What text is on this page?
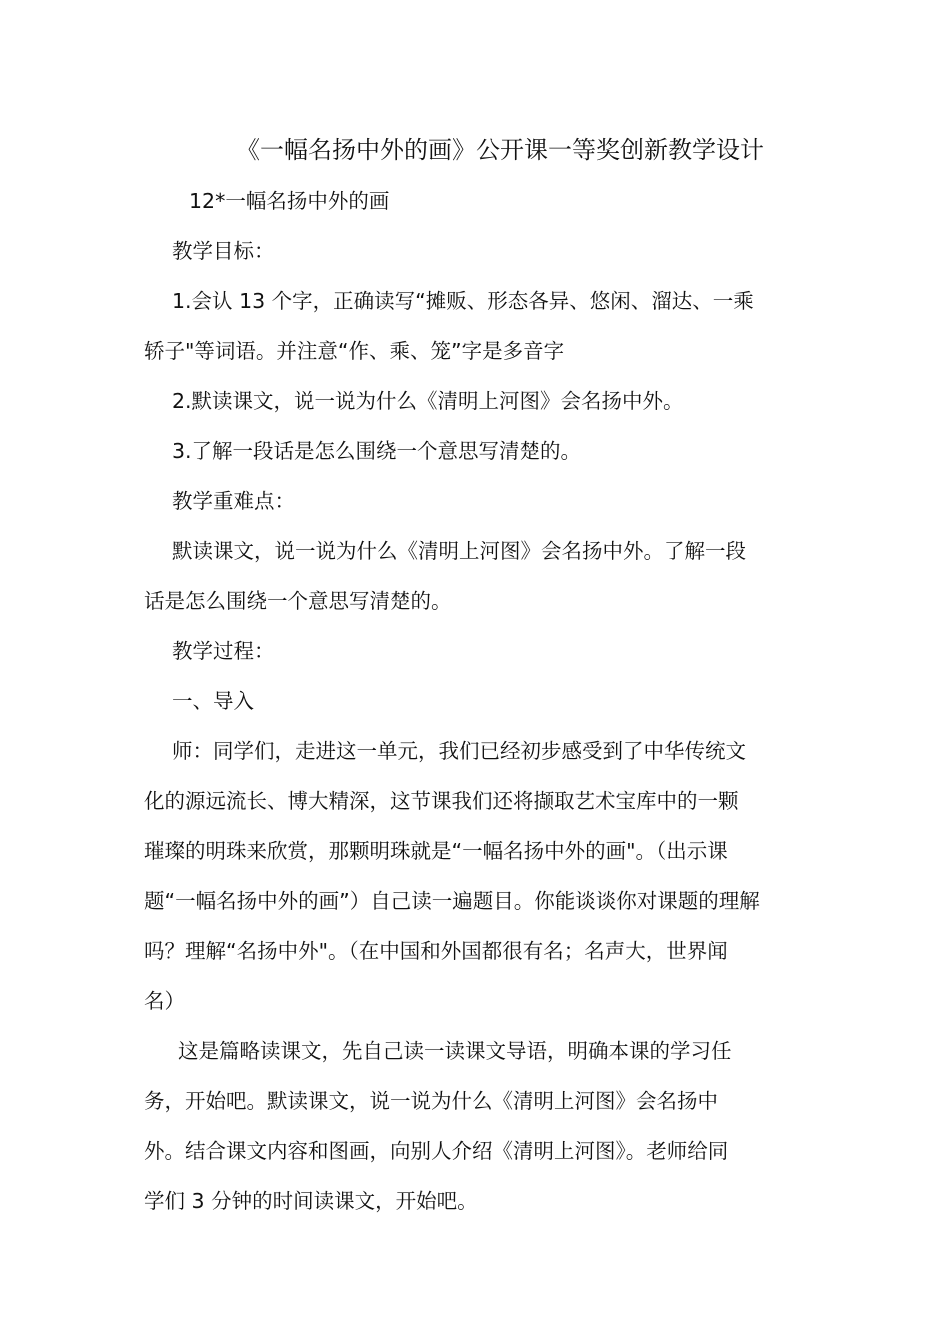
《一幅名扬中外的画》公开课一等奖创新教学设计
12*一幅名扬中外的画
教学目标：
1.会认 13 个字，正确读写“摊贩、形态各异、悠闲、溜达、一乘
轿子"等词语。并注意“作、乘、笼”字是多音字
2.默读课文，说一说为什么《清明上河图》会名扬中外。
3.了解一段话是怎么围绕一个意思写清楚的。
教学重难点：
默读课文，说一说为什么《清明上河图》会名扬中外。了解一段
话是怎么围绕一个意思写清楚的。
教学过程：
一、导入
师：同学们，走进这一单元，我们已经初步感受到了中华传统文
化的源远流长、博大精深，这节课我们还将撷取艺术宝库中的一颗
璀璨的明珠来欣赏，那颗明珠就是“一幅名扬中外的画"。（出示课
题“一幅名扬中外的画”）自己读一遍题目。你能谈谈你对课题的理解
吗？理解“名扬中外"。（在中国和外国都很有名；名声大，世界闻
名）
这是篇略读课文，先自己读一读课文导语，明确本课的学习任
务，开始吧。默读课文，说一说为什么《清明上河图》会名扬中
外。结合课文内容和图画，向别人介绍《清明上河图》。老师给同
学们 3 分钟的时间读课文，开始吧。
